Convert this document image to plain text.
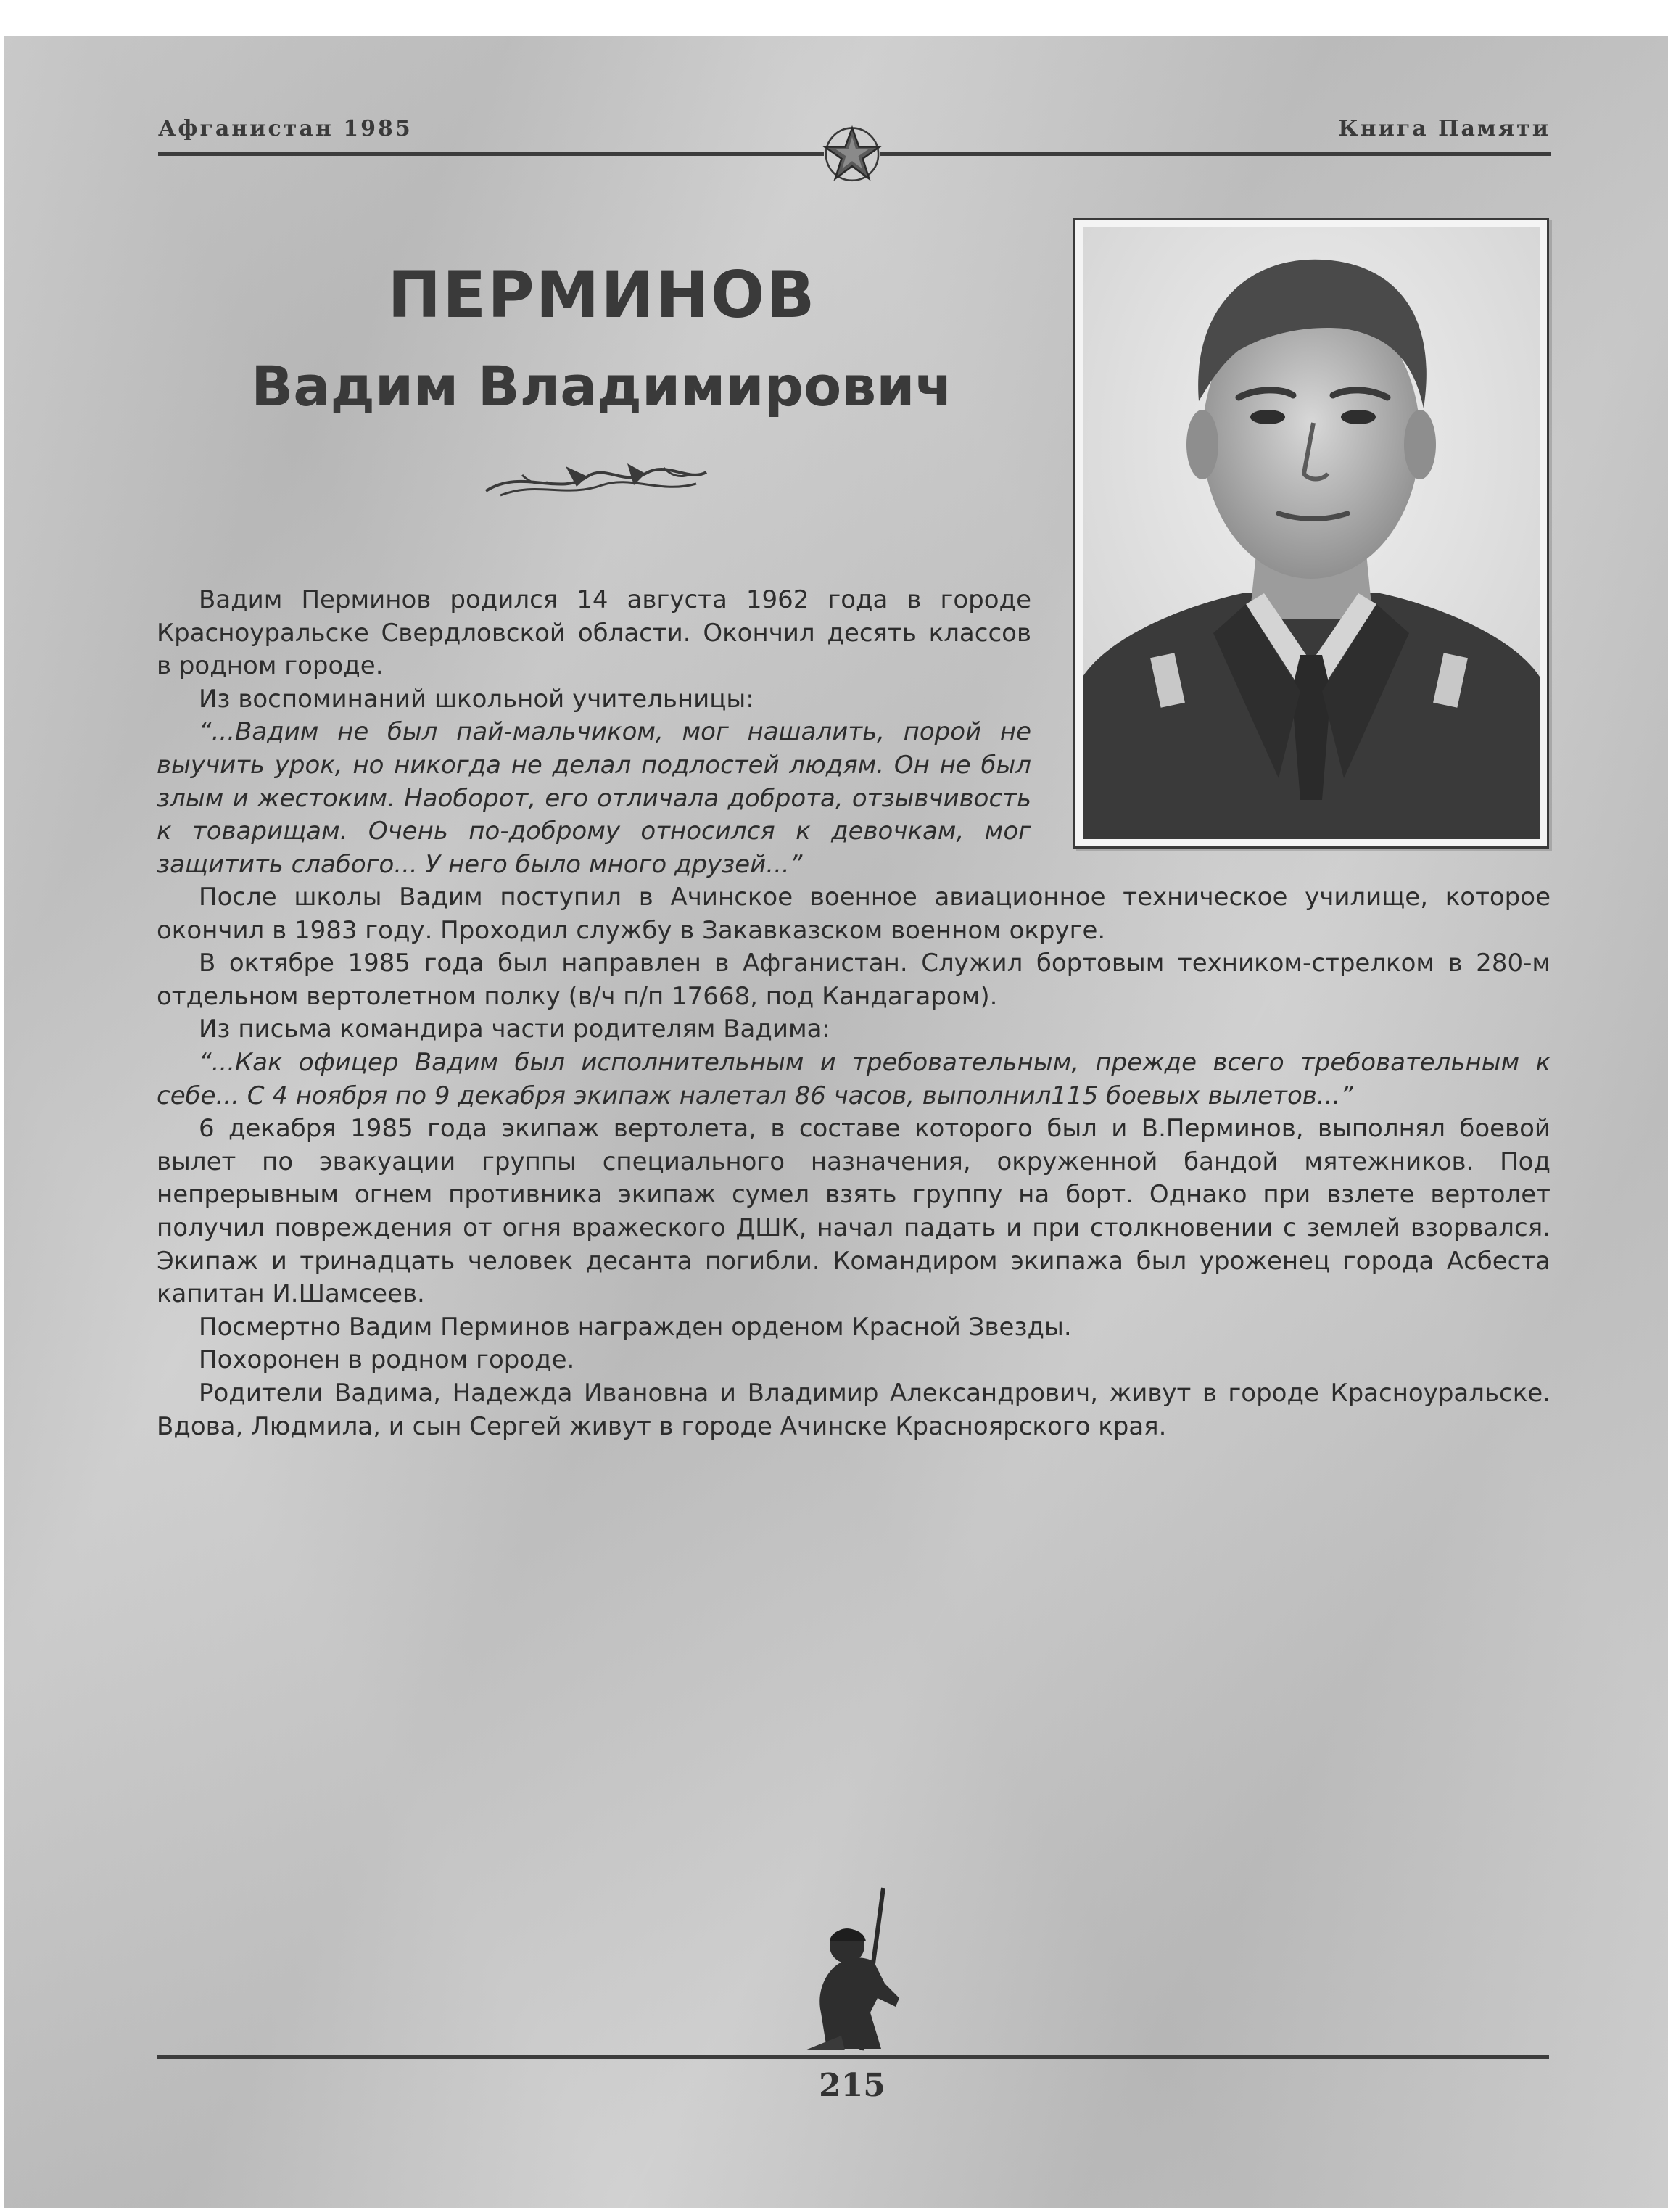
Афганистан 1985	Книга Памяти
ПЕРМИНОВ
Вадим Владимирович

Вадим Перминов родился 14 августа 1962 года в городе Красноуральске Свердловской области. Окончил десять классов в родном городе.

Из воспоминаний школьной учительницы:

“...Вадим не был пай-мальчиком, мог нашалить, порой не выучить урок, но никогда не делал подлостей людям. Он не был злым и жестоким. Наоборот, его отличала доброта, отзывчивость к товарищам. Очень по-доброму относился к девочкам, мог защитить слабого... У него было много друзей...”

После школы Вадим поступил в Ачинское военное авиационное техническое училище, которое окончил в 1983 году. Проходил службу в Закавказском военном округе.

В октябре 1985 года был направлен в Афганистан. Служил бортовым техником-стрелком в 280-м отдельном вертолетном полку (в/ч п/п 17668, под Кандагаром).

Из письма командира части родителям Вадима:

“...Как офицер Вадим был исполнительным и требовательным, прежде всего требовательным к себе... С 4 ноября по 9 декабря экипаж налетал 86 часов, выполнил115 боевых вылетов...”

6 декабря 1985 года экипаж вертолета, в составе которого был и В.Перминов, выполнял боевой вылет по эвакуации группы специального назначения, окруженной бандой мятежников. Под непрерывным огнем противника экипаж сумел взять группу на борт. Однако при взлете вертолет получил повреждения от огня вражеского ДШК, начал падать и при столкновении с землей взорвался. Экипаж и тринадцать человек десанта погибли. Командиром экипажа был уроженец города Асбеста капитан И.Шамсеев.

Посмертно Вадим Перминов награжден орденом Красной Звезды.

Похоронен в родном городе.

Родители Вадима, Надежда Ивановна и Владимир Александрович, живут в городе Красноуральске. Вдова, Людмила, и сын Сергей живут в городе Ачинске Красноярского края.

215
